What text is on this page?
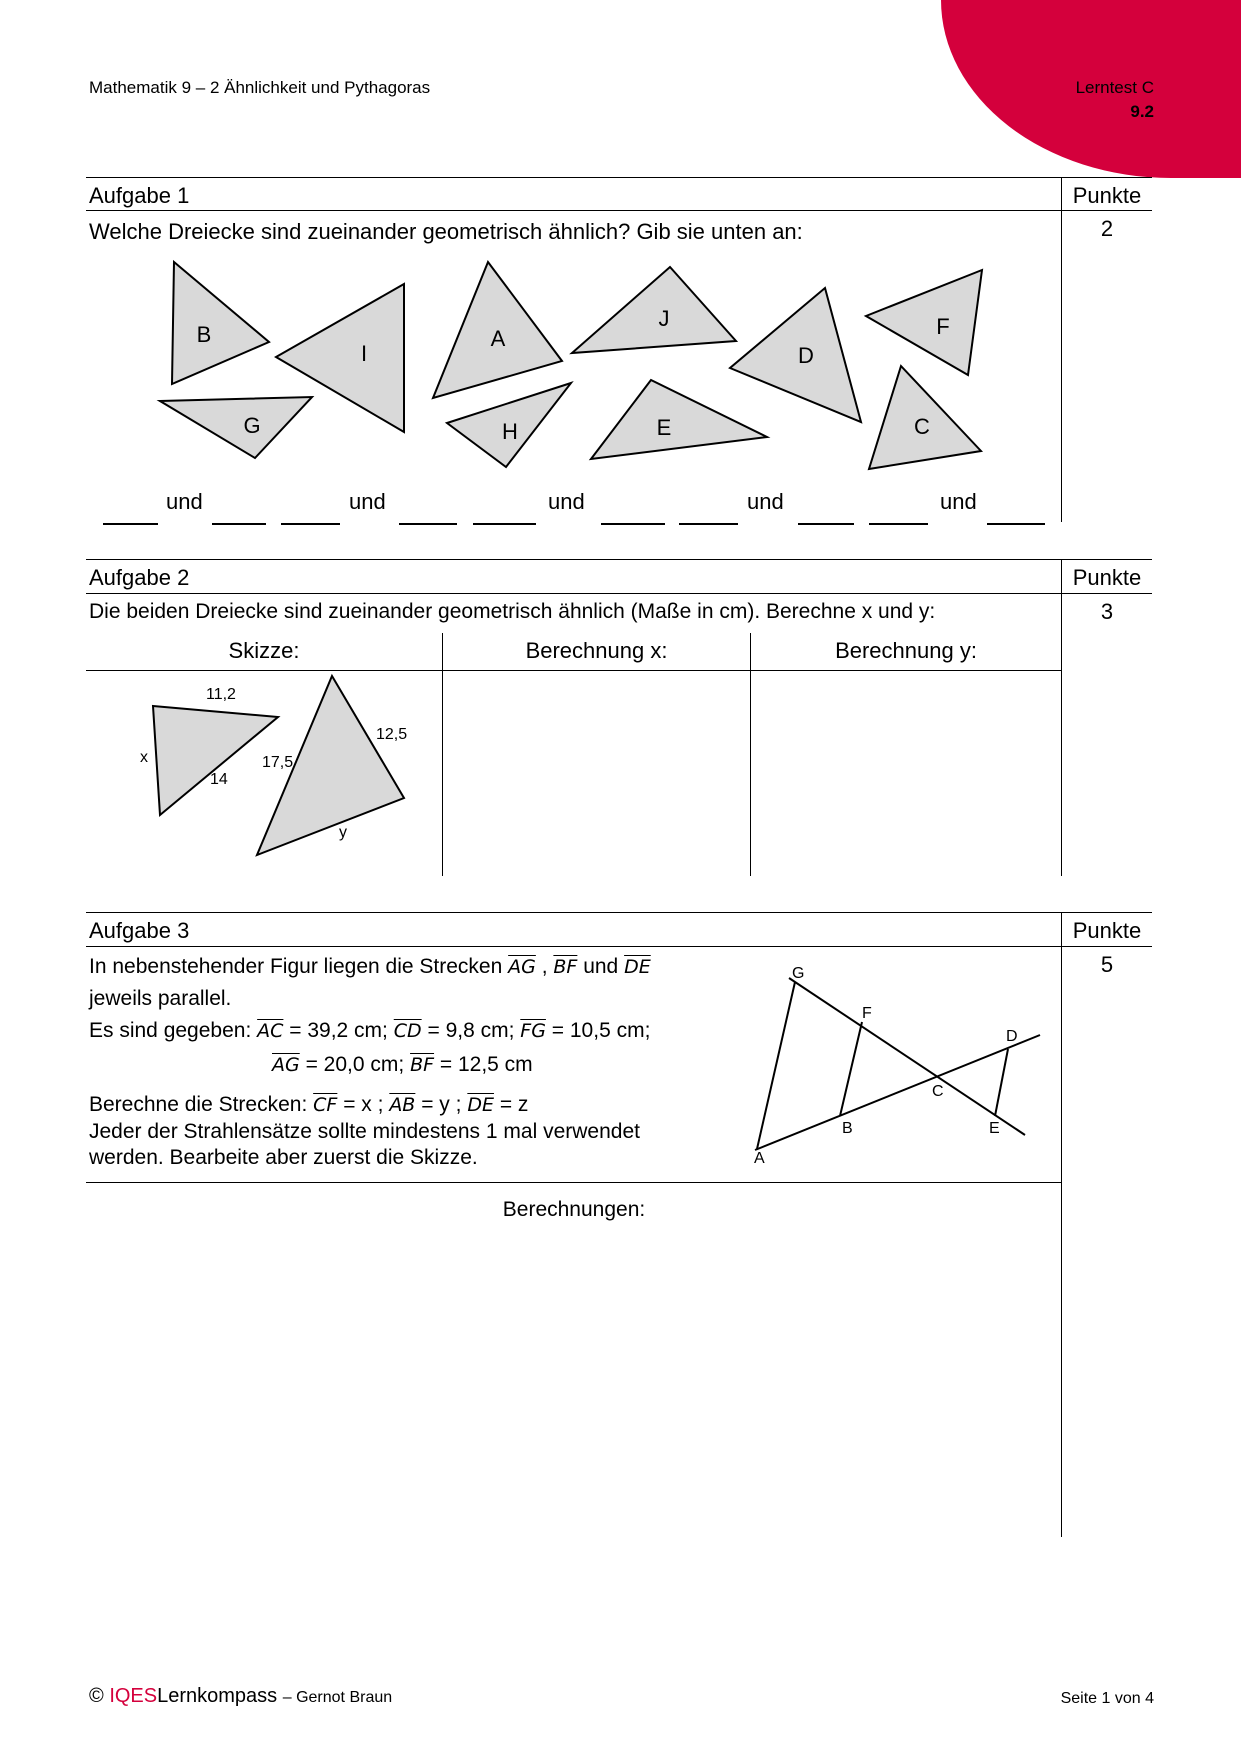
Mathematik 9 – 2 Ähnlichkeit und Pythagoras	Lerntest C
9.2
Aufgabe 1	Punkte
2
Welche Dreiecke sind zueinander geometrisch ähnlich? Gib sie unten an:
B
I
A
J
D
F
G	H	E	C
und	und	und	und	und
Aufgabe 2	Punkte
3
Die beiden Dreiecke sind zueinander geometrisch ähnlich (Maße in cm). Berechne x und y:
Skizze:	Berechnung x:	Berechnung y:
11,2
x
14
12,5
17,5
y
Aufgabe 3	Punkte
5
In nebenstehender Figur liegen die Strecken $\overline{AG}$ , $\overline{BF}$ und $\overline{DE}$
jeweils parallel.
Es sind gegeben: $\overline{AC} = 39,2$ cm; $\overline{CD} = 9,8$ cm; $\overline{FG} = 10,5$ cm;
$\overline{AG} = 20,0$ cm; $\overline{BF} = 12,5$ cm
Berechne die Strecken: $\overline{CF} = x$ ; $\overline{AB} = y$ ; $\overline{DE} = z$
Jeder der Strahlensätze sollte mindestens 1 mal verwendet
werden. Bearbeite aber zuerst die Skizze.
G
F
D
C
B	E
A
Berechnungen:
© IQESLernkompass – Gernot Braun	Seite 1 von 4
